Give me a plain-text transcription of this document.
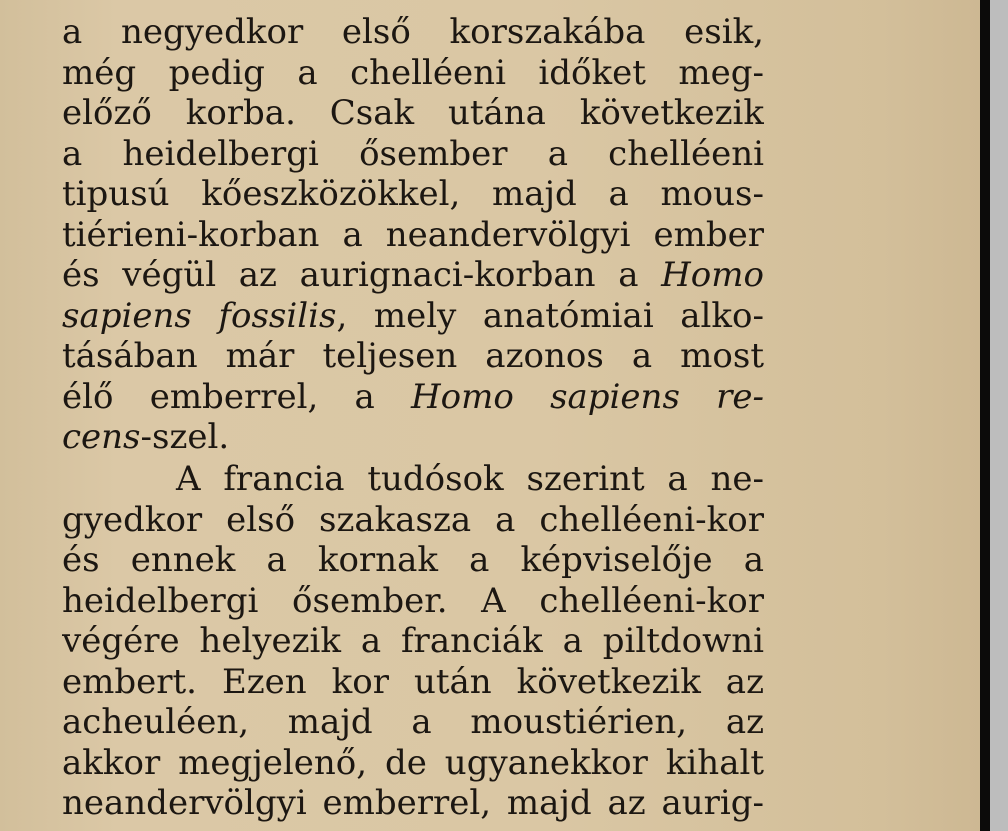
a negyedkor első korszakába esik,
még pedig a chelléeni időket meg-
előző korba. Csak utána következik
a heidelbergi ősember a chelléeni
tipusú kőeszközökkel, majd a mous-
tiérieni-korban a neandervölgyi ember
és végül az aurignaci-korban a Homo
sapiens fossilis, mely anatómiai alko-
tásában már teljesen azonos a most
élő emberrel, a Homo sapiens re-
cens-szel.
A francia tudósok szerint a ne-
gyedkor első szakasza a chelléeni-kor
és ennek a kornak a képviselője a
heidelbergi ősember. A chelléeni-kor
végére helyezik a franciák a piltdowni
embert. Ezen kor után következik az
acheuléen, majd a moustiérien, az
akkor megjelenő, de ugyanekkor kihalt
neandervölgyi emberrel, majd az aurig-
